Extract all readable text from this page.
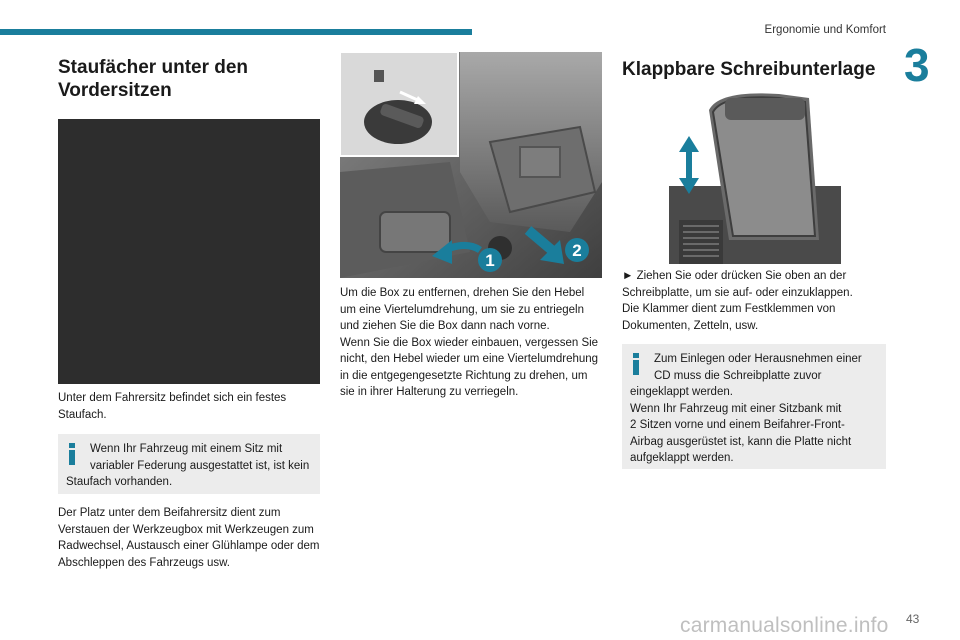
Ergonomie und Komfort
3
Staufächer unter den
Vordersitzen
Unter dem Fahrersitz befindet sich ein festes
Staufach.
Wenn Ihr Fahrzeug mit einem Sitz mit
variabler Federung ausgestattet ist, ist kein
Staufach vorhanden.
Der Platz unter dem Beifahrersitz dient zum
Verstauen der Werkzeugbox mit Werkzeugen zum
Radwechsel, Austausch einer Glühlampe oder dem
Abschleppen des Fahrzeugs usw.
1
2
Um die Box zu entfernen, drehen Sie den Hebel
um eine Viertelumdrehung, um sie zu entriegeln
und ziehen Sie die Box dann nach vorne.
Wenn Sie die Box wieder einbauen, vergessen Sie
nicht, den Hebel wieder um eine Viertelumdrehung
in die entgegengesetzte Richtung zu drehen, um
sie in ihrer Halterung zu verriegeln.
Klappbare Schreibunterlage
► Ziehen Sie oder drücken Sie oben an der
Schreibplatte, um sie auf- oder einzuklappen.
Die Klammer dient zum Festklemmen von
Dokumenten, Zetteln, usw.
Zum Einlegen oder Herausnehmen einer
CD muss die Schreibplatte zuvor
eingeklappt werden.
Wenn Ihr Fahrzeug mit einer Sitzbank mit
2 Sitzen vorne und einem Beifahrer-Front-
Airbag ausgerüstet ist, kann die Platte nicht
aufgeklappt werden.
carmanualsonline.info 43
